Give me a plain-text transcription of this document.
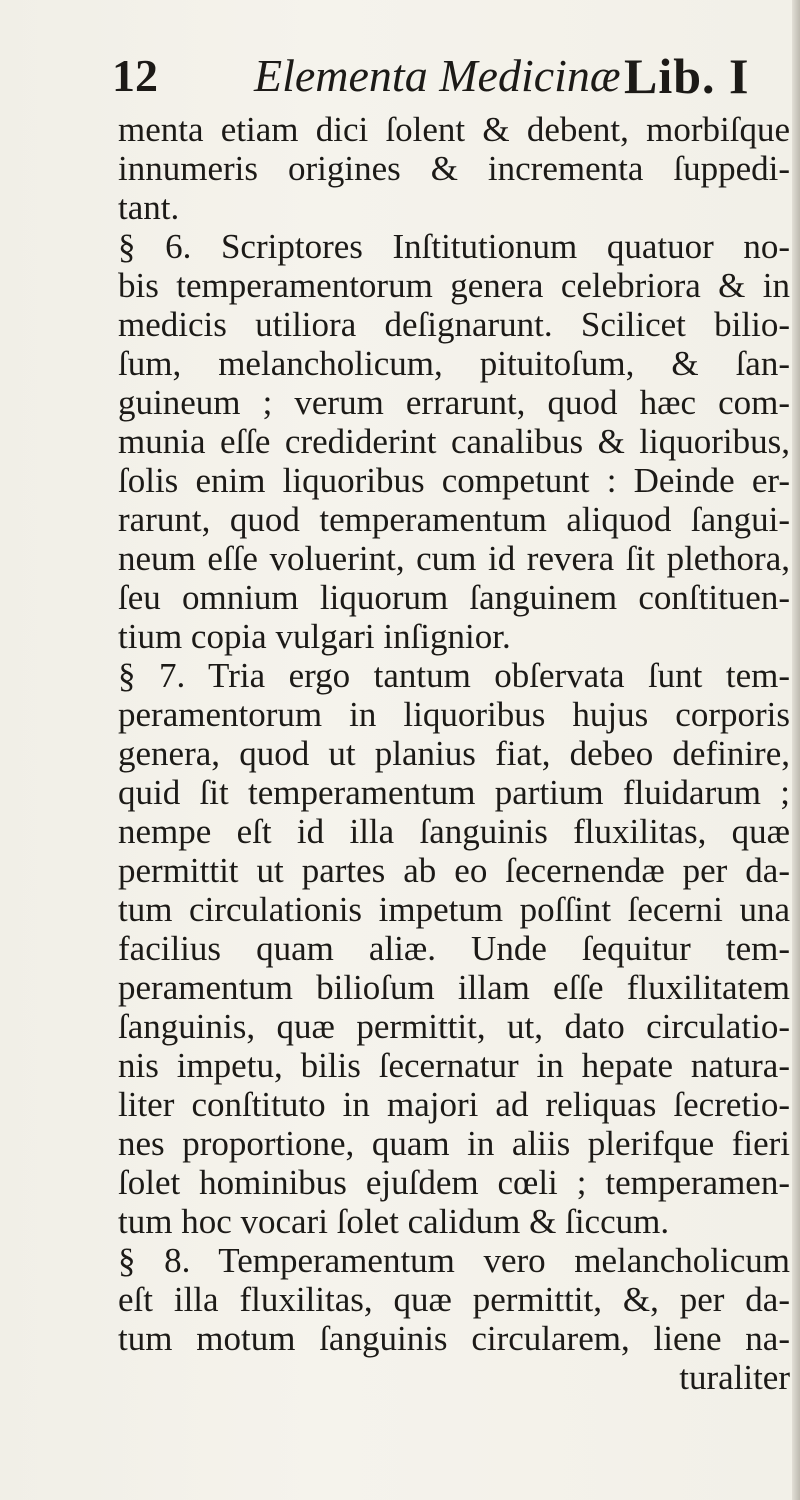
12 Elementa Medicinæ Lib. I
menta etiam dici ſolent & debent, morbiſque
innumeris origines & incrementa ſuppedi-
tant.
§ 6. Scriptores Inſtitutionum quatuor no-
bis temperamentorum genera celebriora & in
medicis utiliora deſignarunt. Scilicet bilio-
ſum, melancholicum, pituitoſum, & ſan-
guineum ; verum errarunt, quod hæc com-
munia eſſe crediderint canalibus & liquoribus,
ſolis enim liquoribus competunt : Deinde er-
rarunt, quod temperamentum aliquod ſangui-
neum eſſe voluerint, cum id revera ſit plethora,
ſeu omnium liquorum ſanguinem conſtituen-
tium copia vulgari inſignior.
§ 7. Tria ergo tantum obſervata ſunt tem-
peramentorum in liquoribus hujus corporis
genera, quod ut planius fiat, debeo definire,
quid ſit temperamentum partium fluidarum ;
nempe eſt id illa ſanguinis fluxilitas, quæ
permittit ut partes ab eo ſecernendæ per da-
tum circulationis impetum poſſint ſecerni una
facilius quam aliæ. Unde ſequitur tem-
peramentum bilioſum illam eſſe fluxilitatem
ſanguinis, quæ permittit, ut, dato circulatio-
nis impetu, bilis ſecernatur in hepate natura-
liter conſtituto in majori ad reliquas ſecretio-
nes proportione, quam in aliis plerifque fieri
ſolet hominibus ejuſdem cœli ; temperamen-
tum hoc vocari ſolet calidum & ſiccum.
§ 8. Temperamentum vero melancholicum
eſt illa fluxilitas, quæ permittit, &, per da-
tum motum ſanguinis circularem, liene na-
turaliter
